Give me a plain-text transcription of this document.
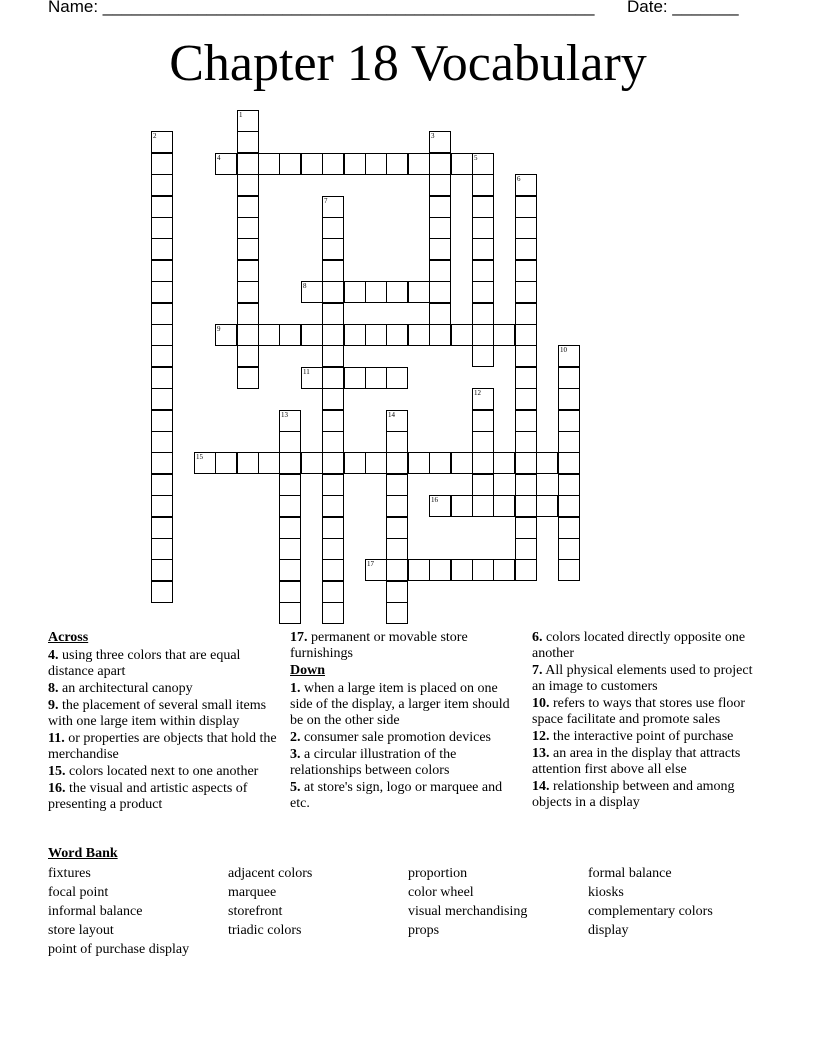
Name: ____________________________________________________ Date: _______
Chapter 18 Vocabulary
1
2	3
4	5
6
7
8
9
10
11
12
13	14
15
16
17
Across
4. using three colors that are equal distance apart
8. an architectural canopy
9. the placement of several small items with one large item within display
11. or properties are objects that hold the merchandise
15. colors located next to one another
16. the visual and artistic aspects of presenting a product
17. permanent or movable store furnishings
Down
1. when a large item is placed on one side of the display, a larger item should be on the other side
2. consumer sale promotion devices
3. a circular illustration of the relationships between colors
5. at store's sign, logo or marquee and etc.
6. colors located directly opposite one another
7. All physical elements used to project an image to customers
10. refers to ways that stores use floor space facilitate and promote sales
12. the interactive point of purchase
13. an area in the display that attracts attention first above all else
14. relationship between and among objects in a display
Word Bank
fixtures	adjacent colors	proportion	formal balance
focal point	marquee	color wheel	kiosks
informal balance	storefront	visual merchandising	complementary colors
store layout	triadic colors	props	display
point of purchase display
